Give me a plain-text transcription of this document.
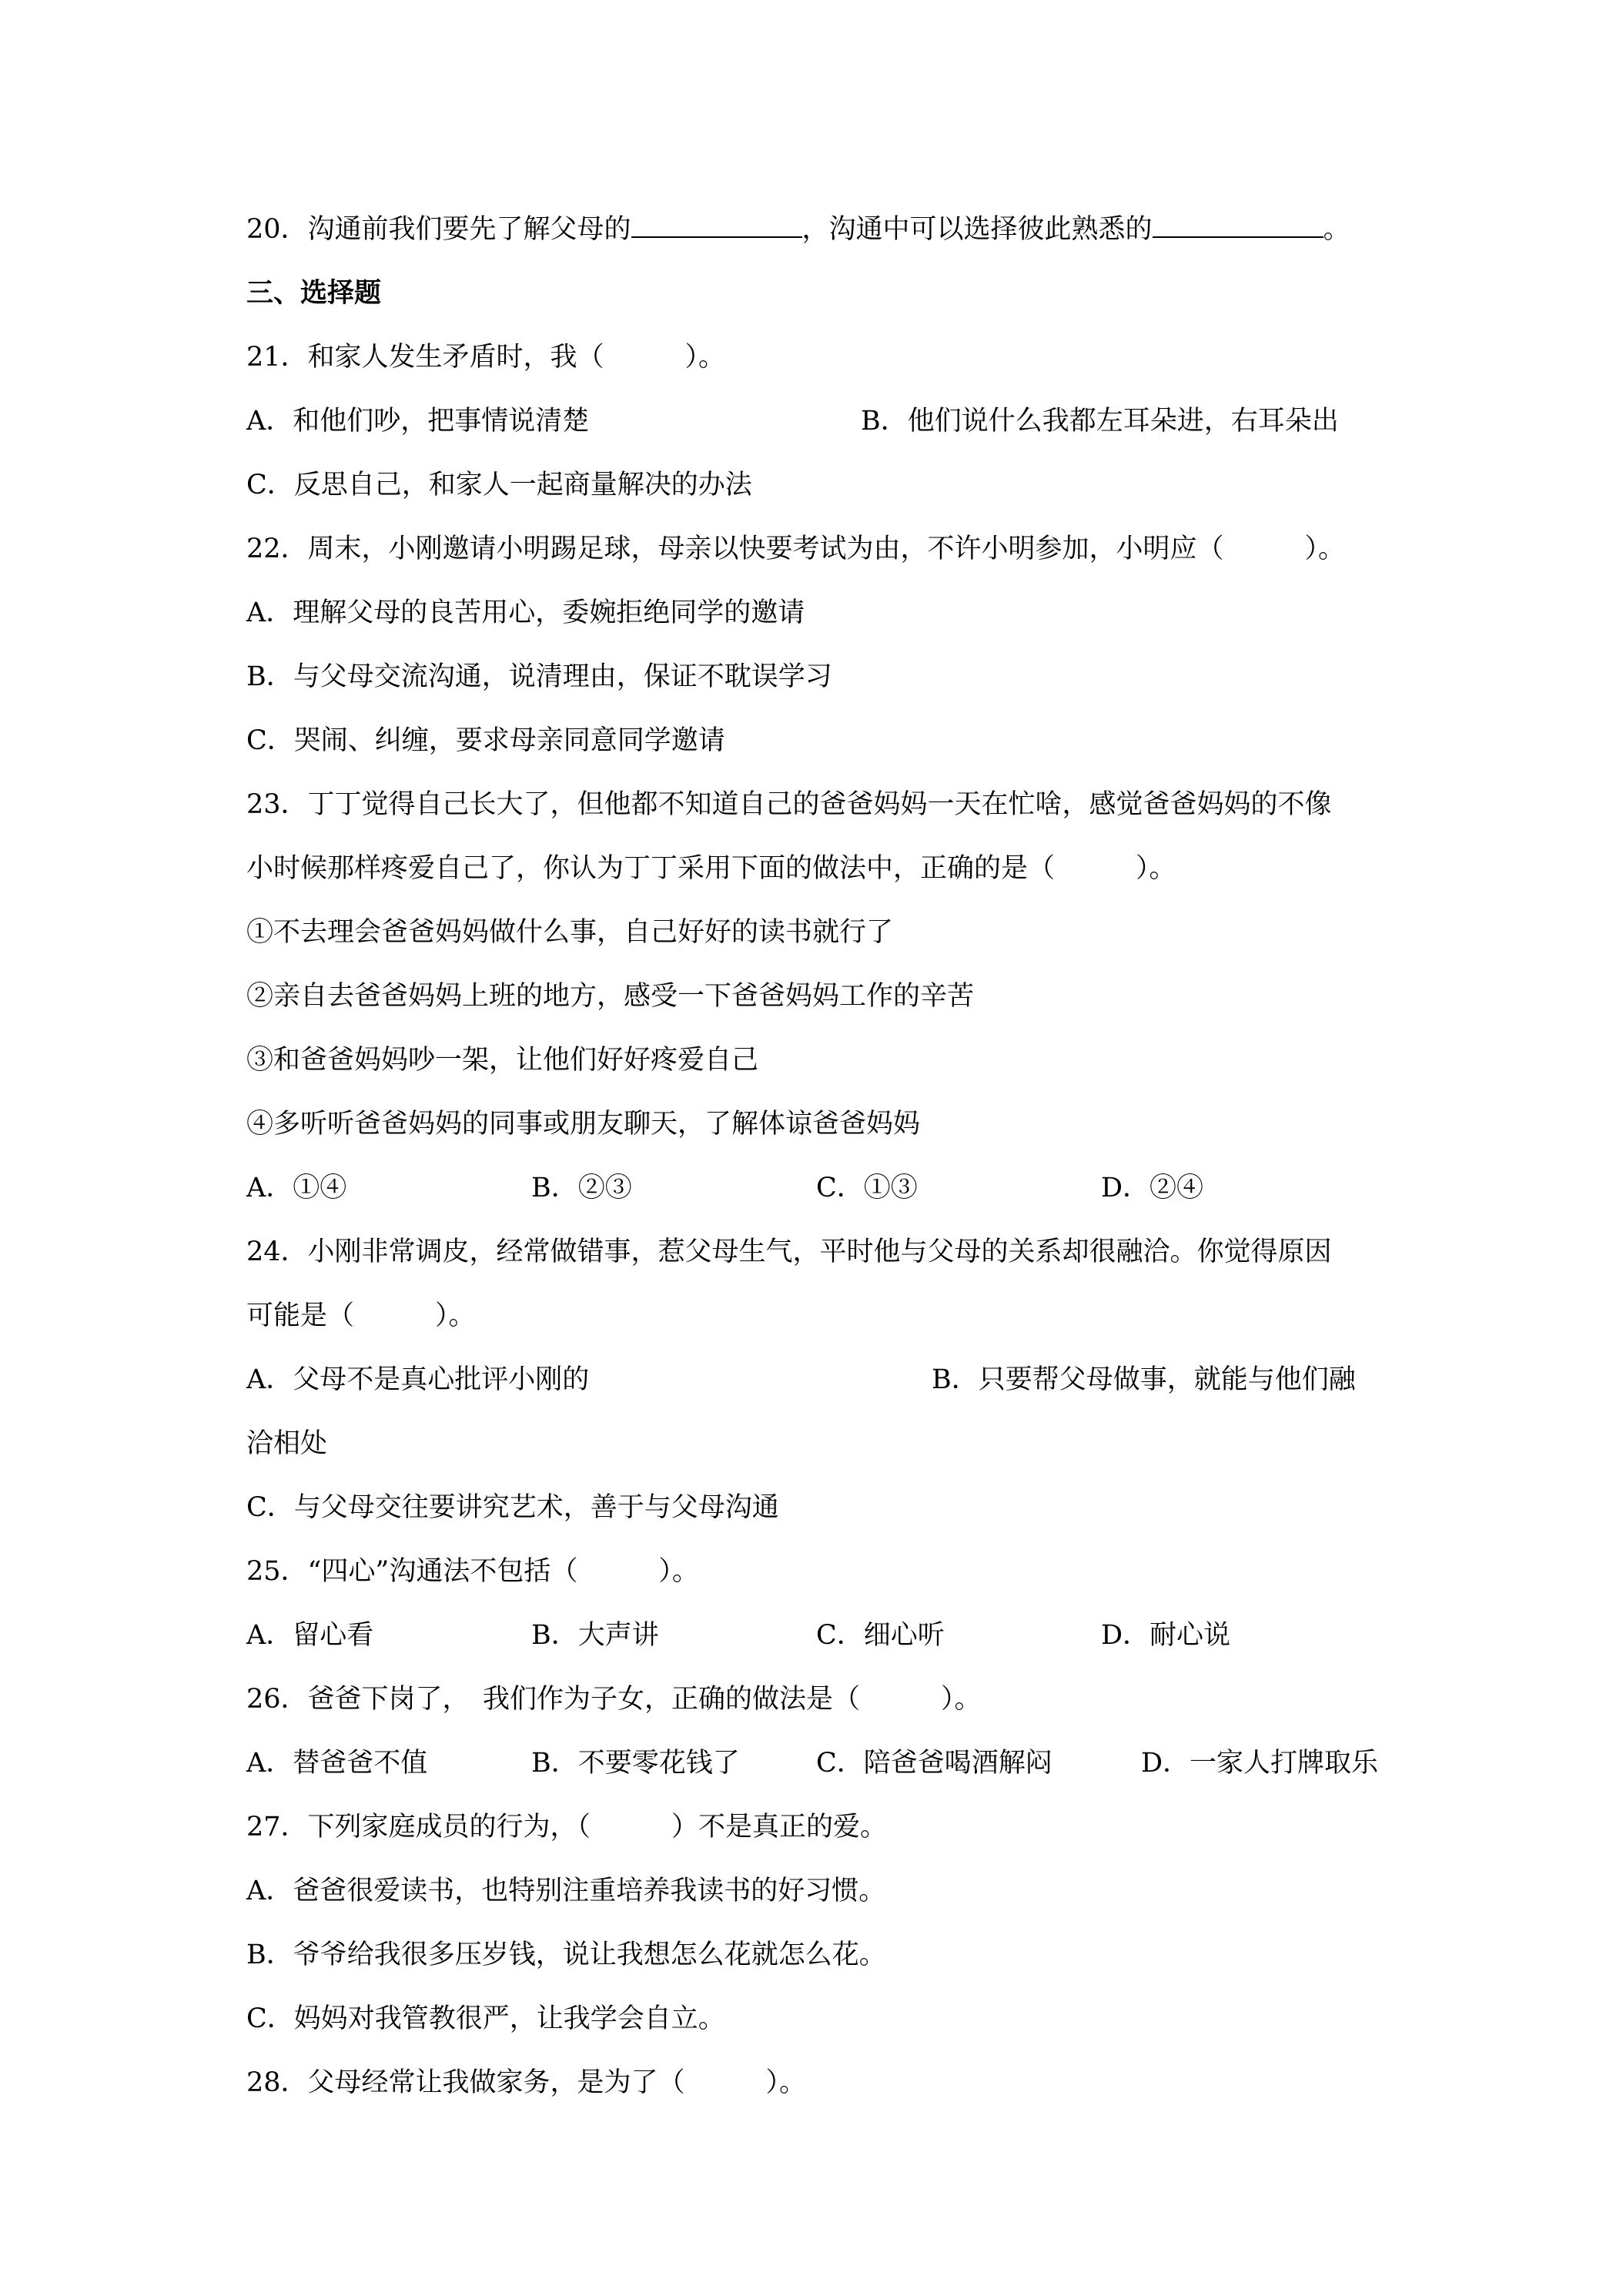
20．沟通前我们要先了解父母的	，沟通中可以选择彼此熟悉的	。
三、选择题
21．和家人发生矛盾时，我（　　　）。
A．和他们吵，把事情说清楚	B．他们说什么我都左耳朵进，右耳朵出
C．反思自己，和家人一起商量解决的办法
22．周末，小刚邀请小明踢足球，母亲以快要考试为由，不许小明参加，小明应（　　　）。
A．理解父母的良苦用心，委婉拒绝同学的邀请
B．与父母交流沟通，说清理由，保证不耽误学习
C．哭闹、纠缠，要求母亲同意同学邀请
23．丁丁觉得自己长大了，但他都不知道自己的爸爸妈妈一天在忙啥，感觉爸爸妈妈的不像
小时候那样疼爱自己了，你认为丁丁采用下面的做法中，正确的是（　　　）。
①不去理会爸爸妈妈做什么事，自己好好的读书就行了
②亲自去爸爸妈妈上班的地方，感受一下爸爸妈妈工作的辛苦
③和爸爸妈妈吵一架，让他们好好疼爱自己
④多听听爸爸妈妈的同事或朋友聊天，了解体谅爸爸妈妈
A．①④	B．②③	C．①③	D．②④
24．小刚非常调皮，经常做错事，惹父母生气，平时他与父母的关系却很融洽。你觉得原因
可能是（　　　）。
A．父母不是真心批评小刚的	B．只要帮父母做事，就能与他们融
洽相处
C．与父母交往要讲究艺术，善于与父母沟通
25．“四心”沟通法不包括（　　　）。
A．留心看	B．大声讲	C．细心听	D．耐心说
26．爸爸下岗了，　我们作为子女，正确的做法是（　　　）。
A．替爸爸不值	B．不要零花钱了	C．陪爸爸喝酒解闷	D．一家人打牌取乐
27．下列家庭成员的行为，（　　　）不是真正的爱。
A．爸爸很爱读书，也特别注重培养我读书的好习惯。
B．爷爷给我很多压岁钱，说让我想怎么花就怎么花。
C．妈妈对我管教很严，让我学会自立。
28．父母经常让我做家务，是为了（　　　）。
